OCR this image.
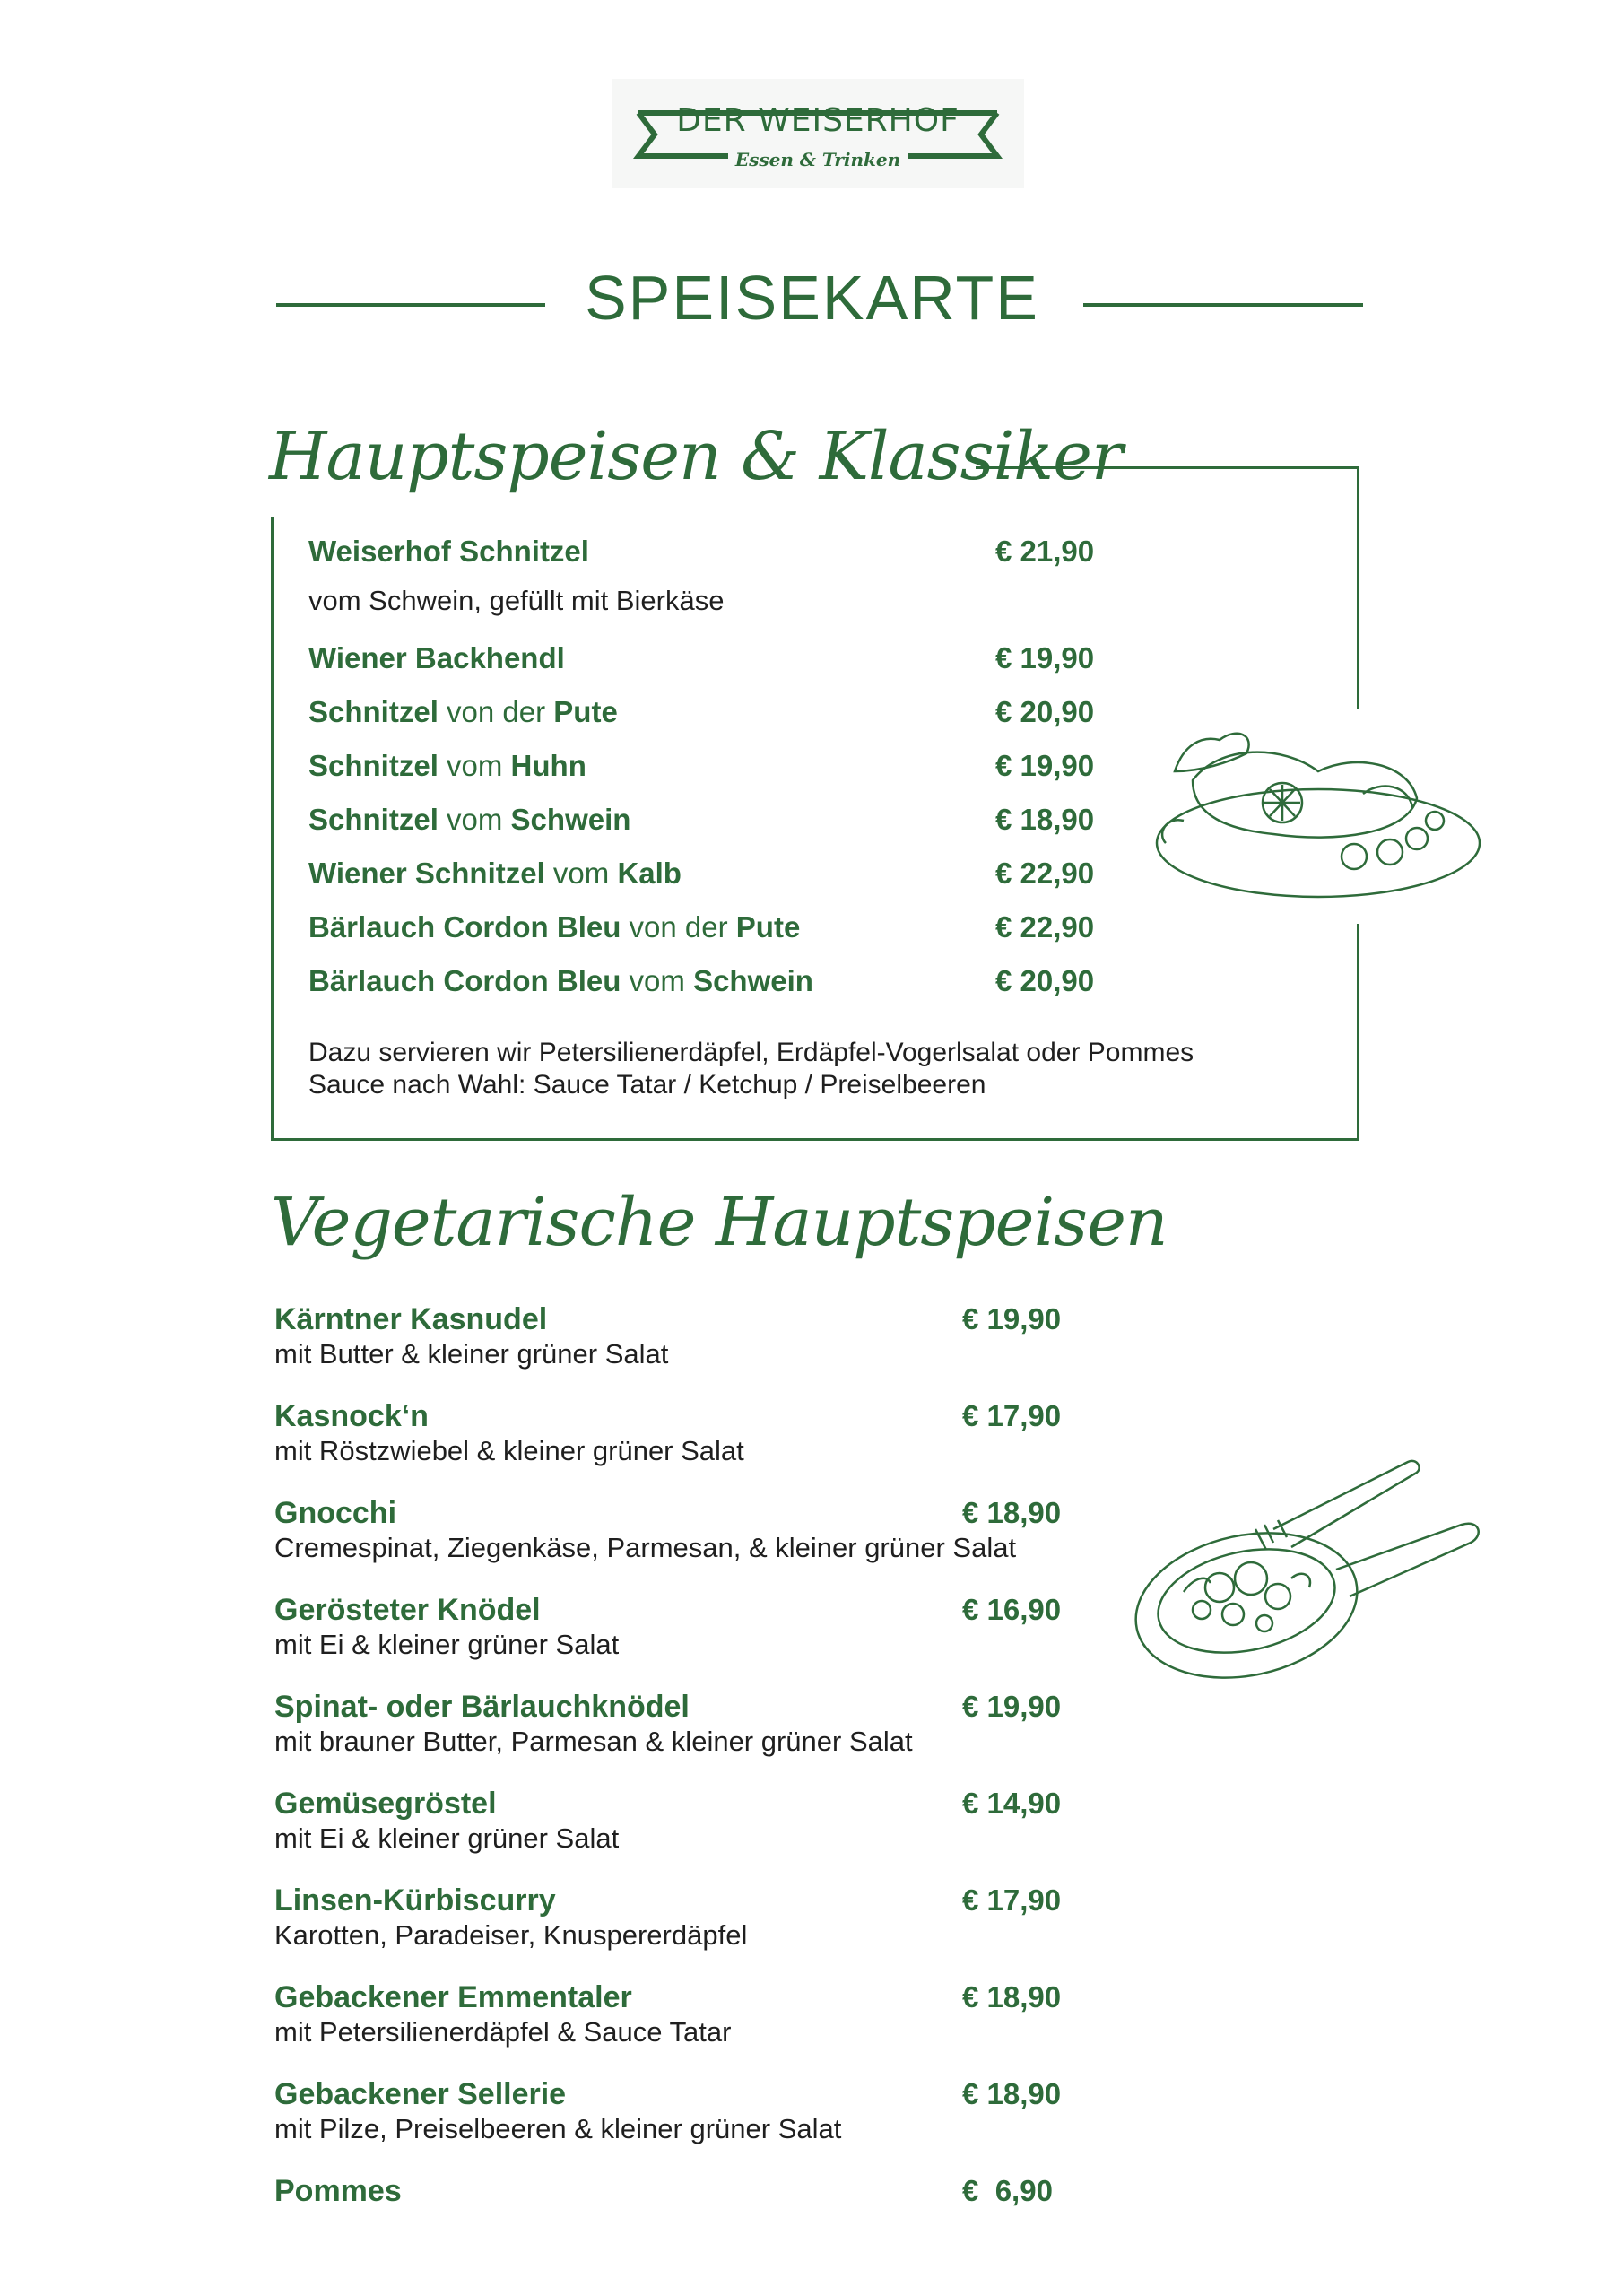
DER WEISERHOF
Essen & Trinken
SPEISEKARTE
Hauptspeisen & Klassiker
Weiserhof Schnitzel	€ 21,90
Wiener Backhendl	€ 19,90
Schnitzel von der Pute	€ 20,90
Schnitzel vom Huhn	€ 19,90
Schnitzel vom Schwein	€ 18,90
Wiener Schnitzel vom Kalb	€ 22,90
Bärlauch Cordon Bleu von der Pute	€ 22,90
Bärlauch Cordon Bleu vom Schwein	€ 20,90
vom Schwein, gefüllt mit Bierkäse
Dazu servieren wir Petersilienerdäpfel, Erdäpfel-Vogerlsalat oder Pommes
Sauce nach Wahl: Sauce Tatar / Ketchup / Preiselbeeren
Vegetarische Hauptspeisen
Kärntner Kasnudel	€ 19,90
mit Butter & kleiner grüner Salat
Kasnock‘n	€ 17,90
mit Röstzwiebel & kleiner grüner Salat
Gnocchi	€ 18,90
Cremespinat, Ziegenkäse, Parmesan, & kleiner grüner Salat
Gerösteter Knödel	€ 16,90
mit Ei & kleiner grüner Salat
Spinat- oder Bärlauchknödel	€ 19,90
mit brauner Butter, Parmesan & kleiner grüner Salat
Gemüsegröstel	€ 14,90
mit Ei & kleiner grüner Salat
Linsen-Kürbiscurry	€ 17,90
Karotten, Paradeiser, Knuspererdäpfel
Gebackener Emmentaler	€ 18,90
mit Petersilienerdäpfel & Sauce Tatar
Gebackener Sellerie	€ 18,90
mit Pilze, Preiselbeeren & kleiner grüner Salat
Pommes	€  6,90
